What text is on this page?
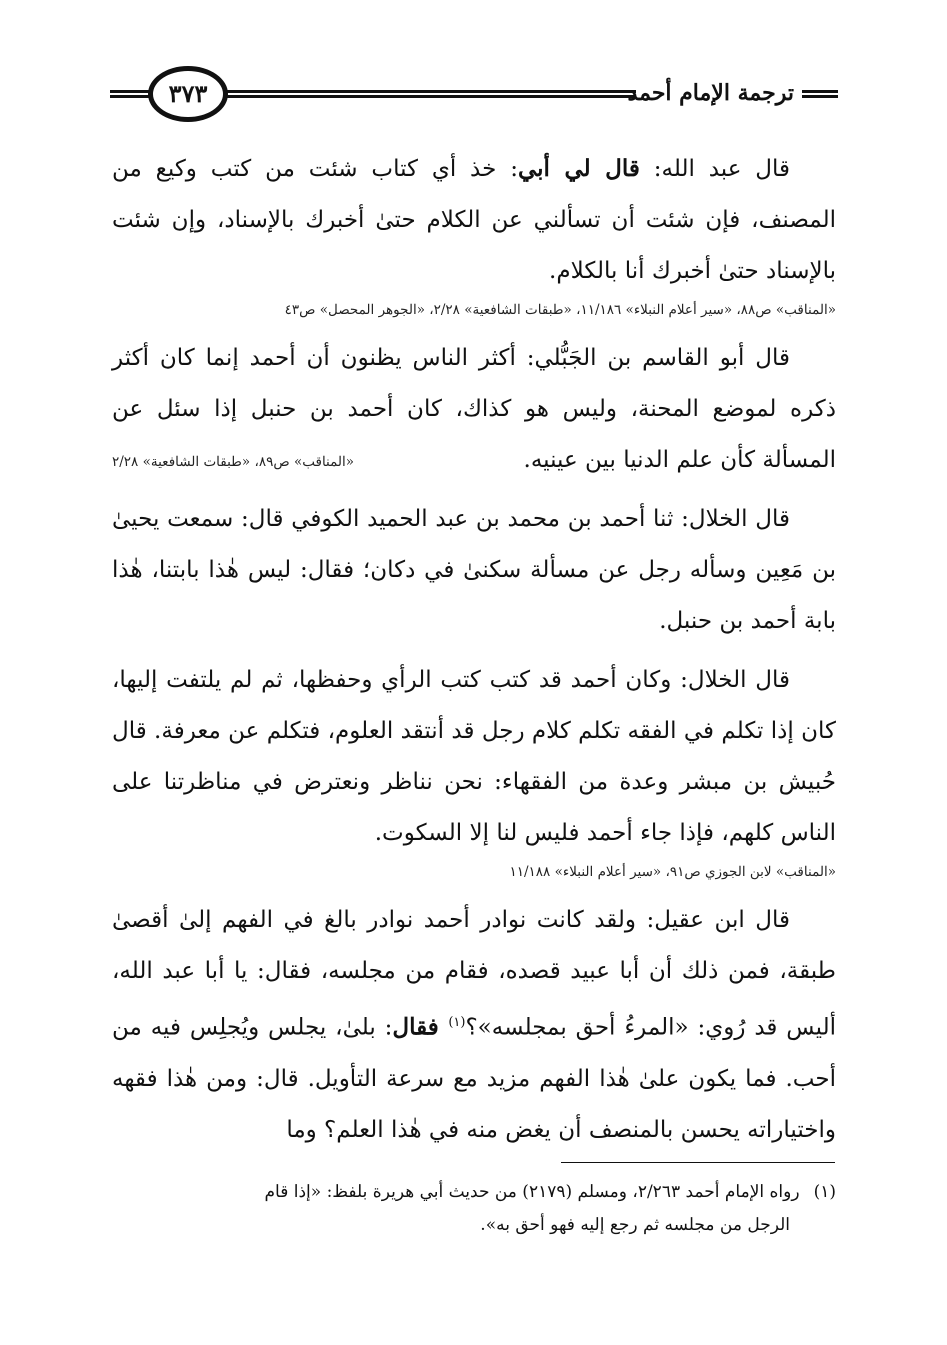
٣٧٣	ترجمة الإمام أحمد

قال عبد الله: قال لي أبي: خذ أي كتاب شئت من كتب وكيع من المصنف، فإن شئت أن تسألني عن الكلام حتىٰ أخبرك بالإسناد، وإن شئت بالإسناد حتىٰ أخبرك أنا بالكلام.

«المناقب» ص٨٨، «سير أعلام النبلاء» ١١/١٨٦، «طبقات الشافعية» ٢/٢٨، «الجوهر المحصل» ص٤٣

قال أبو القاسم بن الجَبُّلي: أكثر الناس يظنون أن أحمد إنما كان أكثر ذكره لموضع المحنة، وليس هو كذاك، كان أحمد بن حنبل إذا سئل عن المسألة كأن علم الدنيا بين عينيه.
«المناقب» ص٨٩، «طبقات الشافعية» ٢/٢٨

قال الخلال: ثنا أحمد بن محمد بن عبد الحميد الكوفي قال: سمعت يحيىٰ بن مَعِين وسأله رجل عن مسألة سكنىٰ في دكان؛ فقال: ليس هٰذا بابتنا، هٰذا بابة أحمد بن حنبل.

قال الخلال: وكان أحمد قد كتب كتب الرأي وحفظها، ثم لم يلتفت إليها، كان إذا تكلم في الفقه تكلم كلام رجل قد أنتقد العلوم، فتكلم عن معرفة. قال حُبيش بن مبشر وعدة من الفقهاء: نحن نناظر ونعترض في مناظرتنا على الناس كلهم، فإذا جاء أحمد فليس لنا إلا السكوت.

«المناقب» لابن الجوزي ص٩١، «سير أعلام النبلاء» ١١/١٨٨

قال ابن عقيل: ولقد كانت نوادر أحمد نوادر بالغ في الفهم إلىٰ أقصىٰ طبقة، فمن ذلك أن أبا عبيد قصده، فقام من مجلسه، فقال: يا أبا عبد الله، أليس قد رُوي: «المرءُ أحق بمجلسه»؟$^{(١)}$ فقال: بلىٰ، يجلس ويُجلِس فيه من أحب. فما يكون علىٰ هٰذا الفهم مزيد مع سرعة التأويل. قال: ومن هٰذا فقهه واختياراته يحسن بالمنصف أن يغض منه في هٰذا العلم؟ وما

(١)رواه الإمام أحمد ٢/٢٦٣، ومسلم (٢١٧٩) من حديث أبي هريرة بلفظ: «إذا قام
الرجل من مجلسه ثم رجع إليه فهو أحق به».
